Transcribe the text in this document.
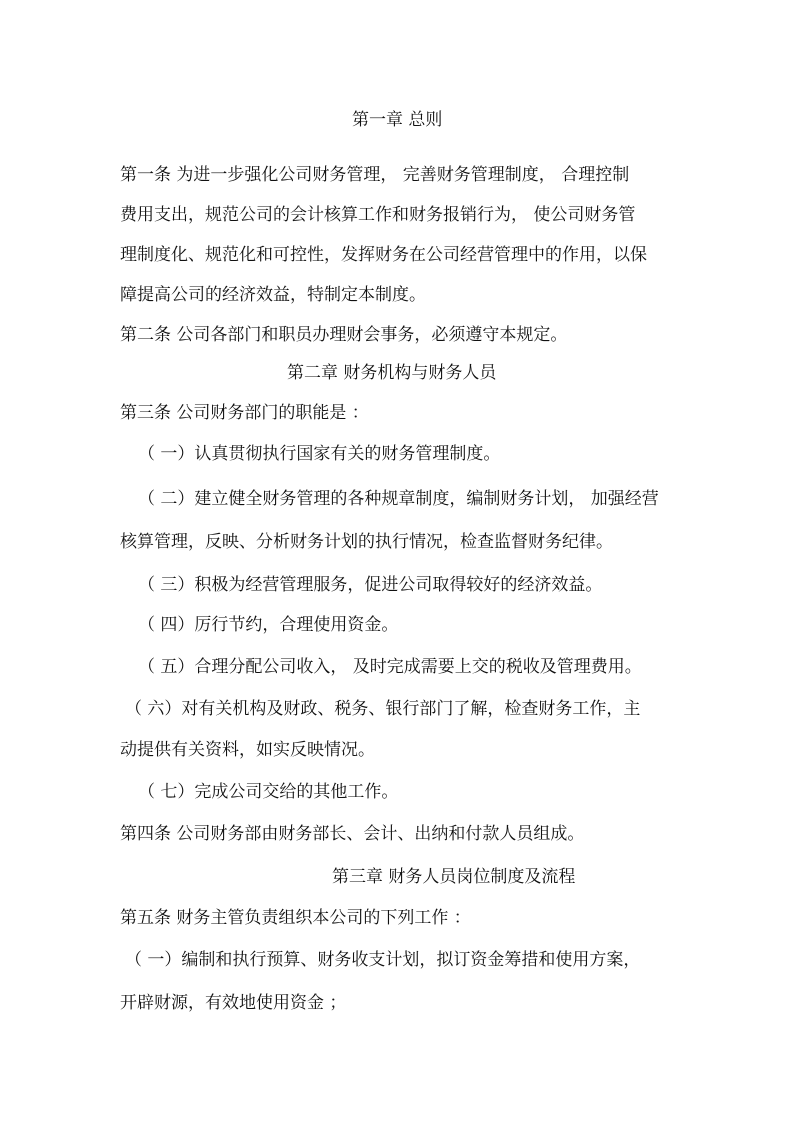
第一章 总则

第一条 为进一步强化公司财务管理， 完善财务管理制度， 合理控制

费用支出，规范公司的会计核算工作和财务报销行为， 使公司财务管

理制度化、规范化和可控性，发挥财务在公司经营管理中的作用，以保

障提高公司的经济效益，特制定本制度。

第二条 公司各部门和职员办理财会事务，必须遵守本规定。

第二章 财务机构与财务人员

第三条 公司财务部门的职能是 ：

（ 一）认真贯彻执行国家有关的财务管理制度。

（ 二）建立健全财务管理的各种规章制度，编制财务计划， 加强经营

核算管理，反映、分析财务计划的执行情况，检查监督财务纪律。

（ 三）积极为经营管理服务，促进公司取得较好的经济效益。

（ 四）厉行节约，合理使用资金。

（ 五）合理分配公司收入， 及时完成需要上交的税收及管理费用。

（ 六）对有关机构及财政、税务、银行部门了解，检查财务工作，主

动提供有关资料，如实反映情况。

（ 七）完成公司交给的其他工作。

第四条 公司财务部由财务部长、会计、出纳和付款人员组成。

第三章 财务人员岗位制度及流程

第五条 财务主管负责组织本公司的下列工作 ：

（ 一）编制和执行预算、财务收支计划，拟订资金筹措和使用方案，

开辟财源，有效地使用资金 ；
